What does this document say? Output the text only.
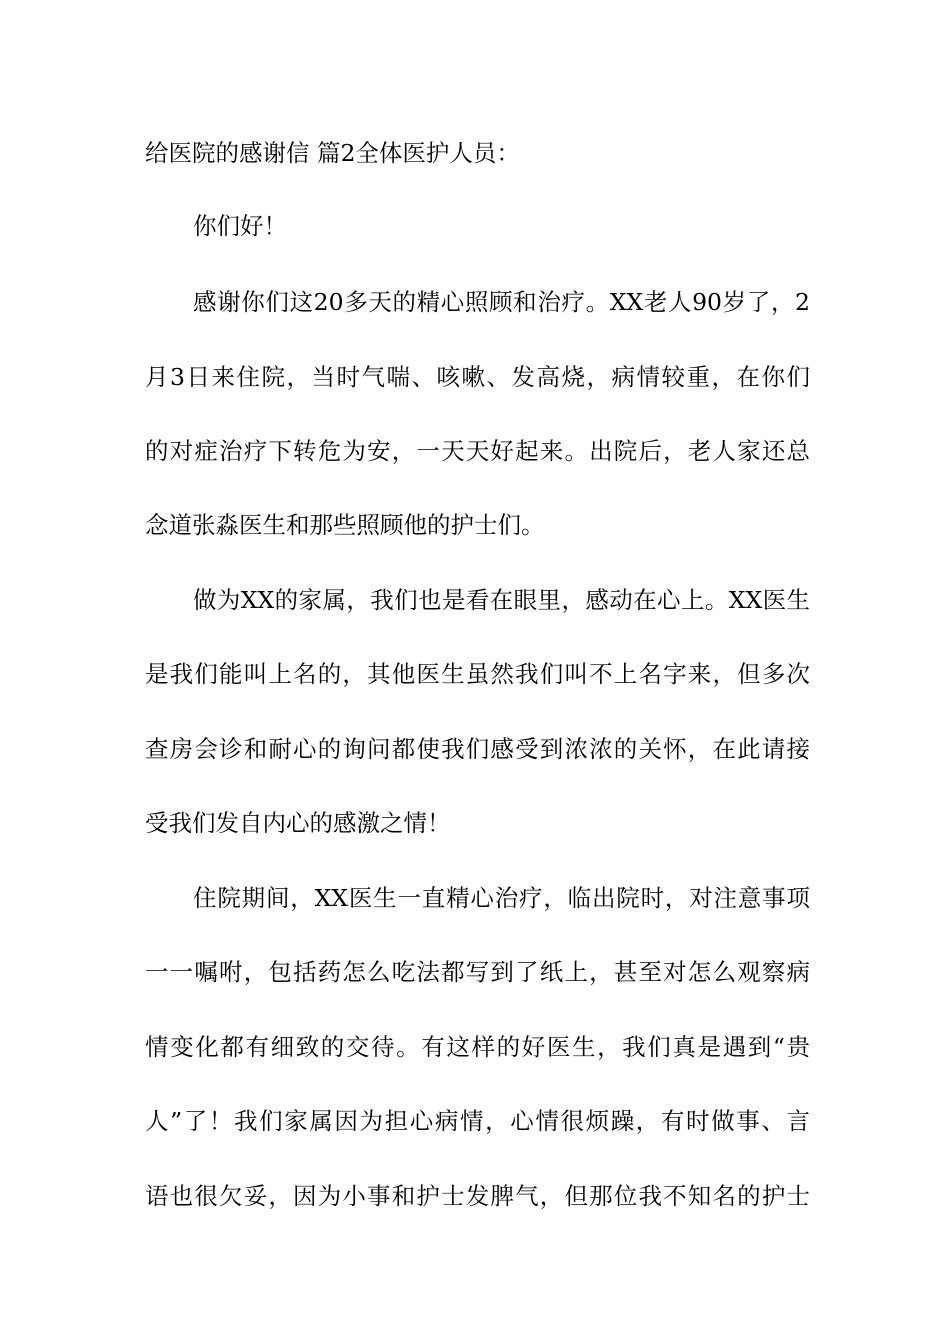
给医院的感谢信 篇2全体医护人员：
你们好！
感谢你们这20多天的精心照顾和治疗。XX老人90岁了，2
月3日来住院，当时气喘、咳嗽、发高烧，病情较重，在你们
的对症治疗下转危为安，一天天好起来。出院后，老人家还总
念道张淼医生和那些照顾他的护士们。
做为XX的家属，我们也是看在眼里，感动在心上。XX医生
是我们能叫上名的，其他医生虽然我们叫不上名字来，但多次
查房会诊和耐心的询问都使我们感受到浓浓的关怀，在此请接
受我们发自内心的感激之情！
住院期间，XX医生一直精心治疗，临出院时，对注意事项
一一嘱咐，包括药怎么吃法都写到了纸上，甚至对怎么观察病
情变化都有细致的交待。有这样的好医生，我们真是遇到“贵
人”了！我们家属因为担心病情，心情很烦躁，有时做事、言
语也很欠妥，因为小事和护士发脾气，但那位我不知名的护士
